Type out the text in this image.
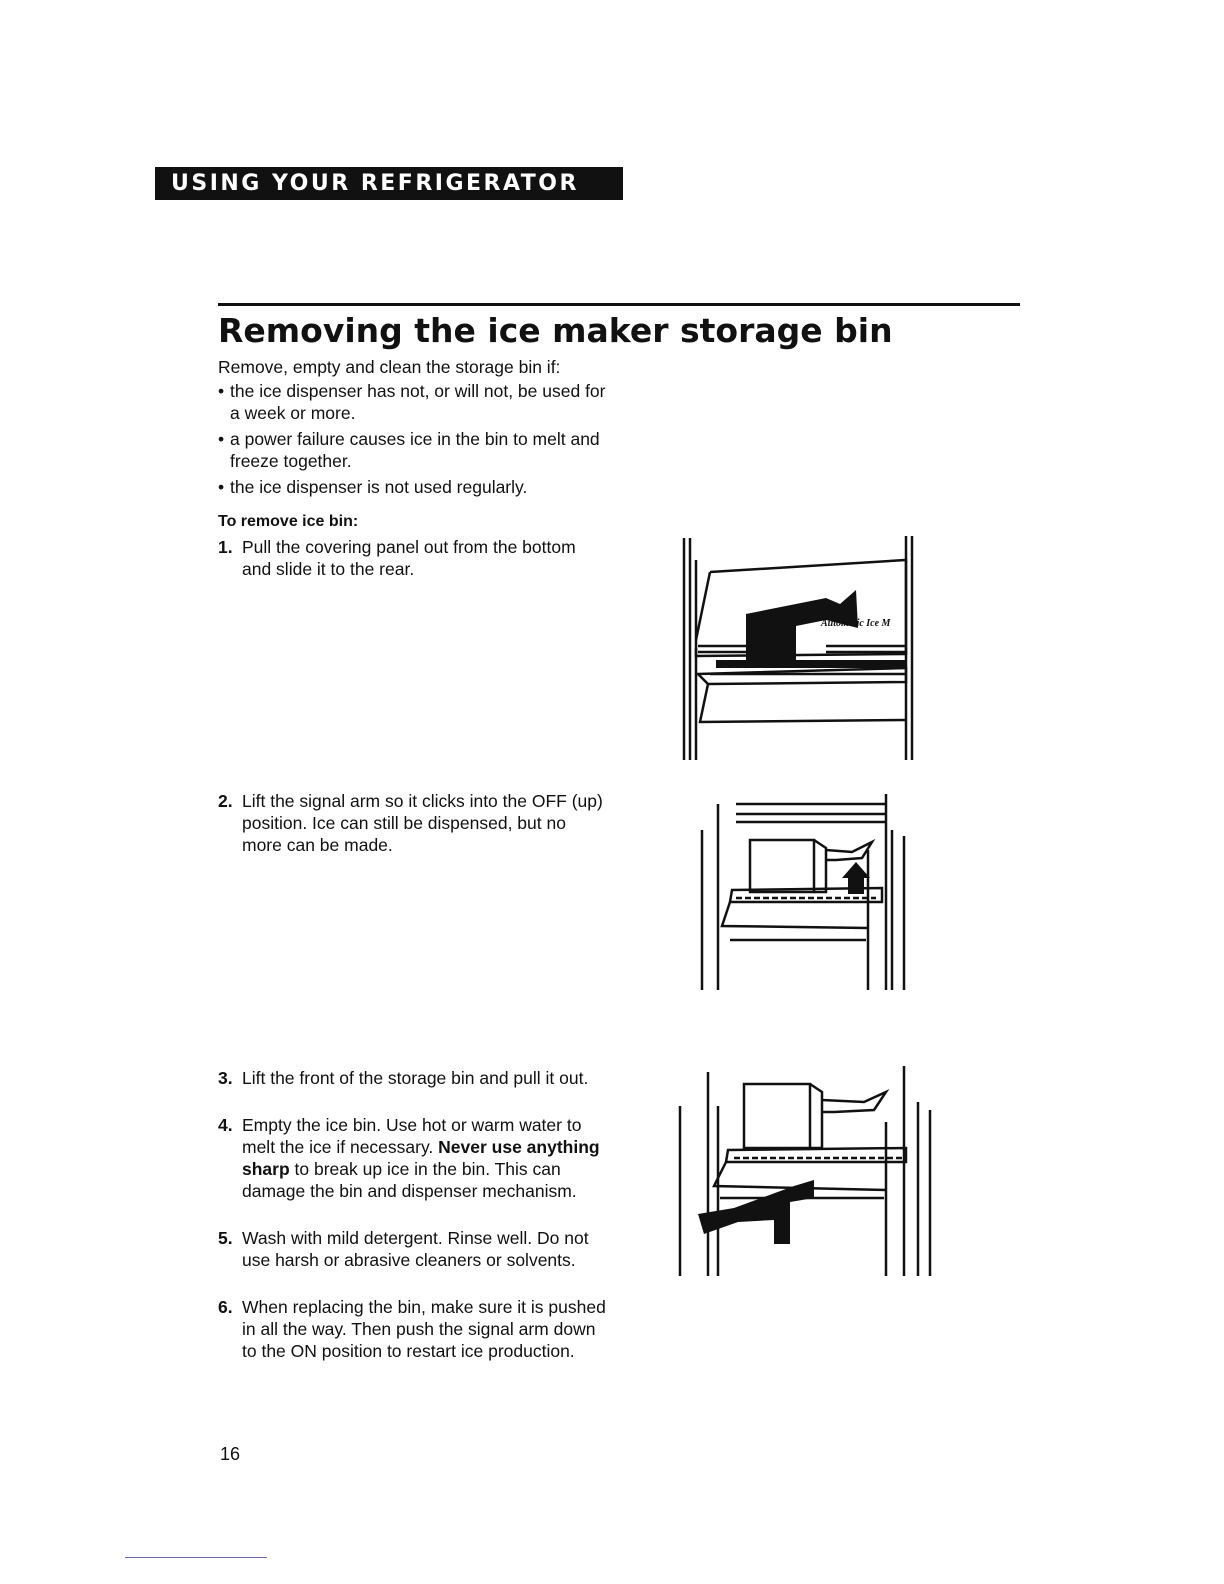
USING YOUR REFRIGERATOR
Removing the ice maker storage bin
Remove, empty and clean the storage bin if:
• the ice dispenser has not, or will not, be used for a week or more.
• a power failure causes ice in the bin to melt and freeze together.
• the ice dispenser is not used regularly.
To remove ice bin:
1. Pull the covering panel out from the bottom and slide it to the rear.
2. Lift the signal arm so it clicks into the OFF (up) position. Ice can still be dispensed, but no more can be made.
3. Lift the front of the storage bin and pull it out.
4. Empty the ice bin. Use hot or warm water to melt the ice if necessary. Never use anything sharp to break up ice in the bin. This can damage the bin and dispenser mechanism.
5. Wash with mild detergent. Rinse well. Do not use harsh or abrasive cleaners or solvents.
6. When replacing the bin, make sure it is pushed in all the way. Then push the signal arm down to the ON position to restart ice production.
Automatic Ice M
16
